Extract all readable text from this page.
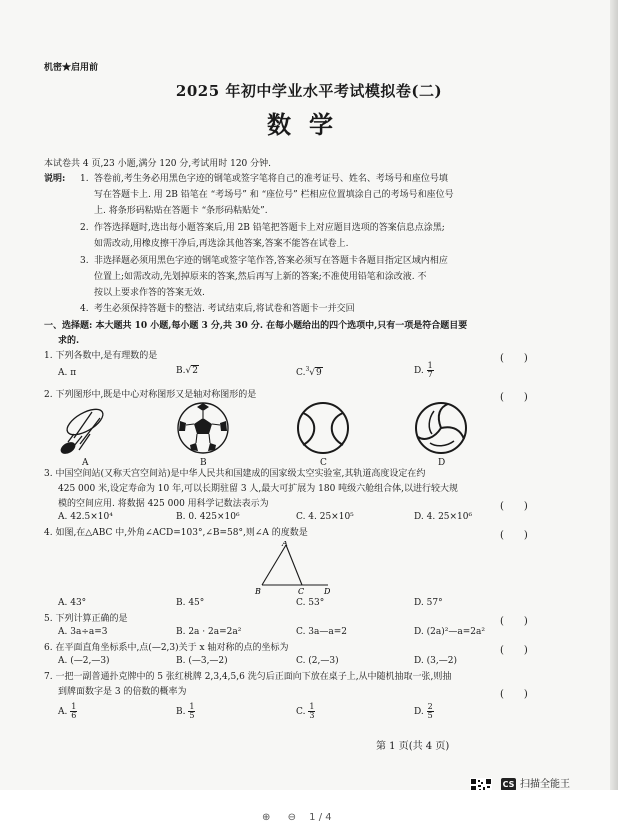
机密★启用前
2025 年初中学业水平考试模拟卷(二)
数学
本试卷共 4 页,23 小题,满分 120 分,考试用时 120 分钟.
说明: 1. 答卷前,考生务必用黑色字迹的钢笔或签字笔将自己的准考证号、姓名、考场号和座位号填
写在答题卡上. 用 2B 铅笔在 “考场号” 和 “座位号” 栏相应位置填涂自己的考场号和座位号
上. 将条形码粘贴在答题卡 “条形码粘贴处”.
2. 作答选择题时,选出每小题答案后,用 2B 铅笔把答题卡上对应题目选项的答案信息点涂黑;
如需改动,用橡皮擦干净后,再选涂其他答案,答案不能答在试卷上.
3. 非选择题必须用黑色字迹的钢笔或签字笔作答,答案必须写在答题卡各题目指定区域内相应
位置上;如需改动,先划掉原来的答案,然后再写上新的答案;不准使用铅笔和涂改液. 不
按以上要求作答的答案无效.
4. 考生必须保持答题卡的整洁. 考试结束后,将试卷和答题卡一并交回
一、选择题: 本大题共 10 小题,每小题 3 分,共 30 分. 在每小题给出的四个选项中,只有一项是符合题目要
求的.
1. 下列各数中,是有理数的是	(　　)
A. π	B.√2	C.$^3$√9	D. $\frac{1}{7}$
2. 下列图形中,既是中心对称图形又是轴对称图形的是	(　　)
A	B	C	D
3. 中国空间站(又称天宫空间站)是中华人民共和国建成的国家级太空实验室,其轨道高度设定在约
425 000 米,设定寿命为 10 年,可以长期驻留 3 人,最大可扩展为 180 吨级六舱组合体,以进行较大规
模的空间应用. 将数据 425 000 用科学记数法表示为	(　　)
A. 42.5×10⁴	B. 0. 425×10⁶	C. 4. 25×10⁵	D. 4. 25×10⁶
4. 如图,在△ABC 中,外角∠ACD=103°,∠B=58°,则∠A 的度数是	(　　)
A
B	C D
A. 43°	B. 45°	C. 53°	D. 57°
5. 下列计算正确的是	(　　)
A. 3a÷a=3	B. 2a · 2a=2a²	C. 3a—a=2	D. (2a)²—a=2a²
6. 在平面直角坐标系中,点(—2,3)关于 x 轴对称的点的坐标为	(　　)
A. (—2,—3)	B. (—3,—2)	C. (2,—3)	D. (3,—2)
7. 一把一副普通扑克牌中的 5 张红桃牌 2,3,4,5,6 洗匀后正面向下放在桌子上,从中随机抽取一张,则抽
到牌面数字是 3 的倍数的概率为	(　　)
A. $\frac{1}{6}$	B. $\frac{1}{5}$	C. $\frac{1}{3}$	D. $\frac{2}{5}$
第 1 页(共 4 页)
CS 扫描全能王
⊕ ⊖ 1 / 4
